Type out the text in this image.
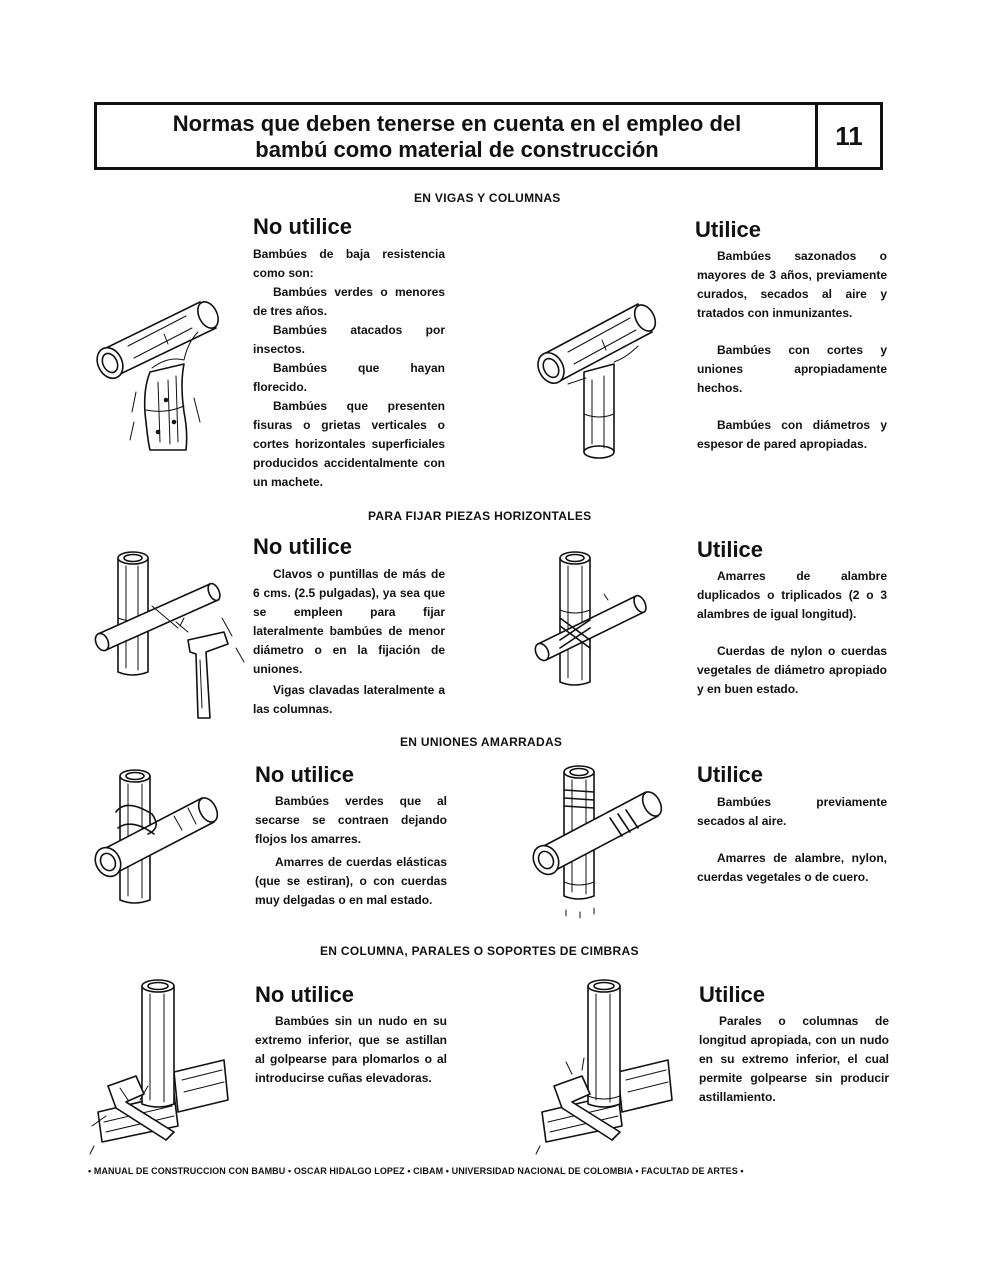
Normas que deben tenerse en cuenta en el empleo del
bambú como material de construcción	11
EN VIGAS Y COLUMNAS
No utilice

Bambúes de baja resistencia como son:

Bambúes verdes o menores de tres años.

Bambúes atacados por insectos.

Bambúes que hayan florecido.

Bambúes que presenten fisuras o grietas verticales o cortes horizontales superficiales producidos accidentalmente con un machete.

Utilice

Bambúes sazonados o mayores de 3 años, previamente curados, secados al aire y tratados con inmunizantes.

Bambúes con cortes y uniones apropiadamente hechos.

Bambúes con diámetros y espesor de pared apropiadas.

PARA FIJAR PIEZAS HORIZONTALES
No utilice

Clavos o puntillas de más de 6 cms. (2.5 pulgadas), ya sea que se empleen para fijar lateralmente bambúes de menor diámetro o en la fijación de uniones.

Vigas clavadas lateralmente a las columnas.

Utilice

Amarres de alambre duplicados o triplicados (2 o 3 alambres de igual longitud).

Cuerdas de nylon o cuerdas vegetales de diámetro apropiado y en buen estado.

EN UNIONES AMARRADAS
No utilice

Bambúes verdes que al secarse se contraen dejando flojos los amarres.

Amarres de cuerdas elásticas (que se estiran), o con cuerdas muy delgadas o en mal estado.

Utilice

Bambúes previamente secados al aire.

Amarres de alambre, nylon, cuerdas vegetales o de cuero.

EN COLUMNA, PARALES O SOPORTES DE CIMBRAS
No utilice

Bambúes sin un nudo en su extremo inferior, que se astillan al golpearse para plomarlos o al introducirse cuñas elevadoras.

Utilice

Parales o columnas de longitud apropiada, con un nudo en su extremo inferior, el cual permite golpearse sin producir astillamiento.

• MANUAL DE CONSTRUCCION CON BAMBU • OSCAR HIDALGO LOPEZ • CIBAM • UNIVERSIDAD NACIONAL DE COLOMBIA • FACULTAD DE ARTES •
